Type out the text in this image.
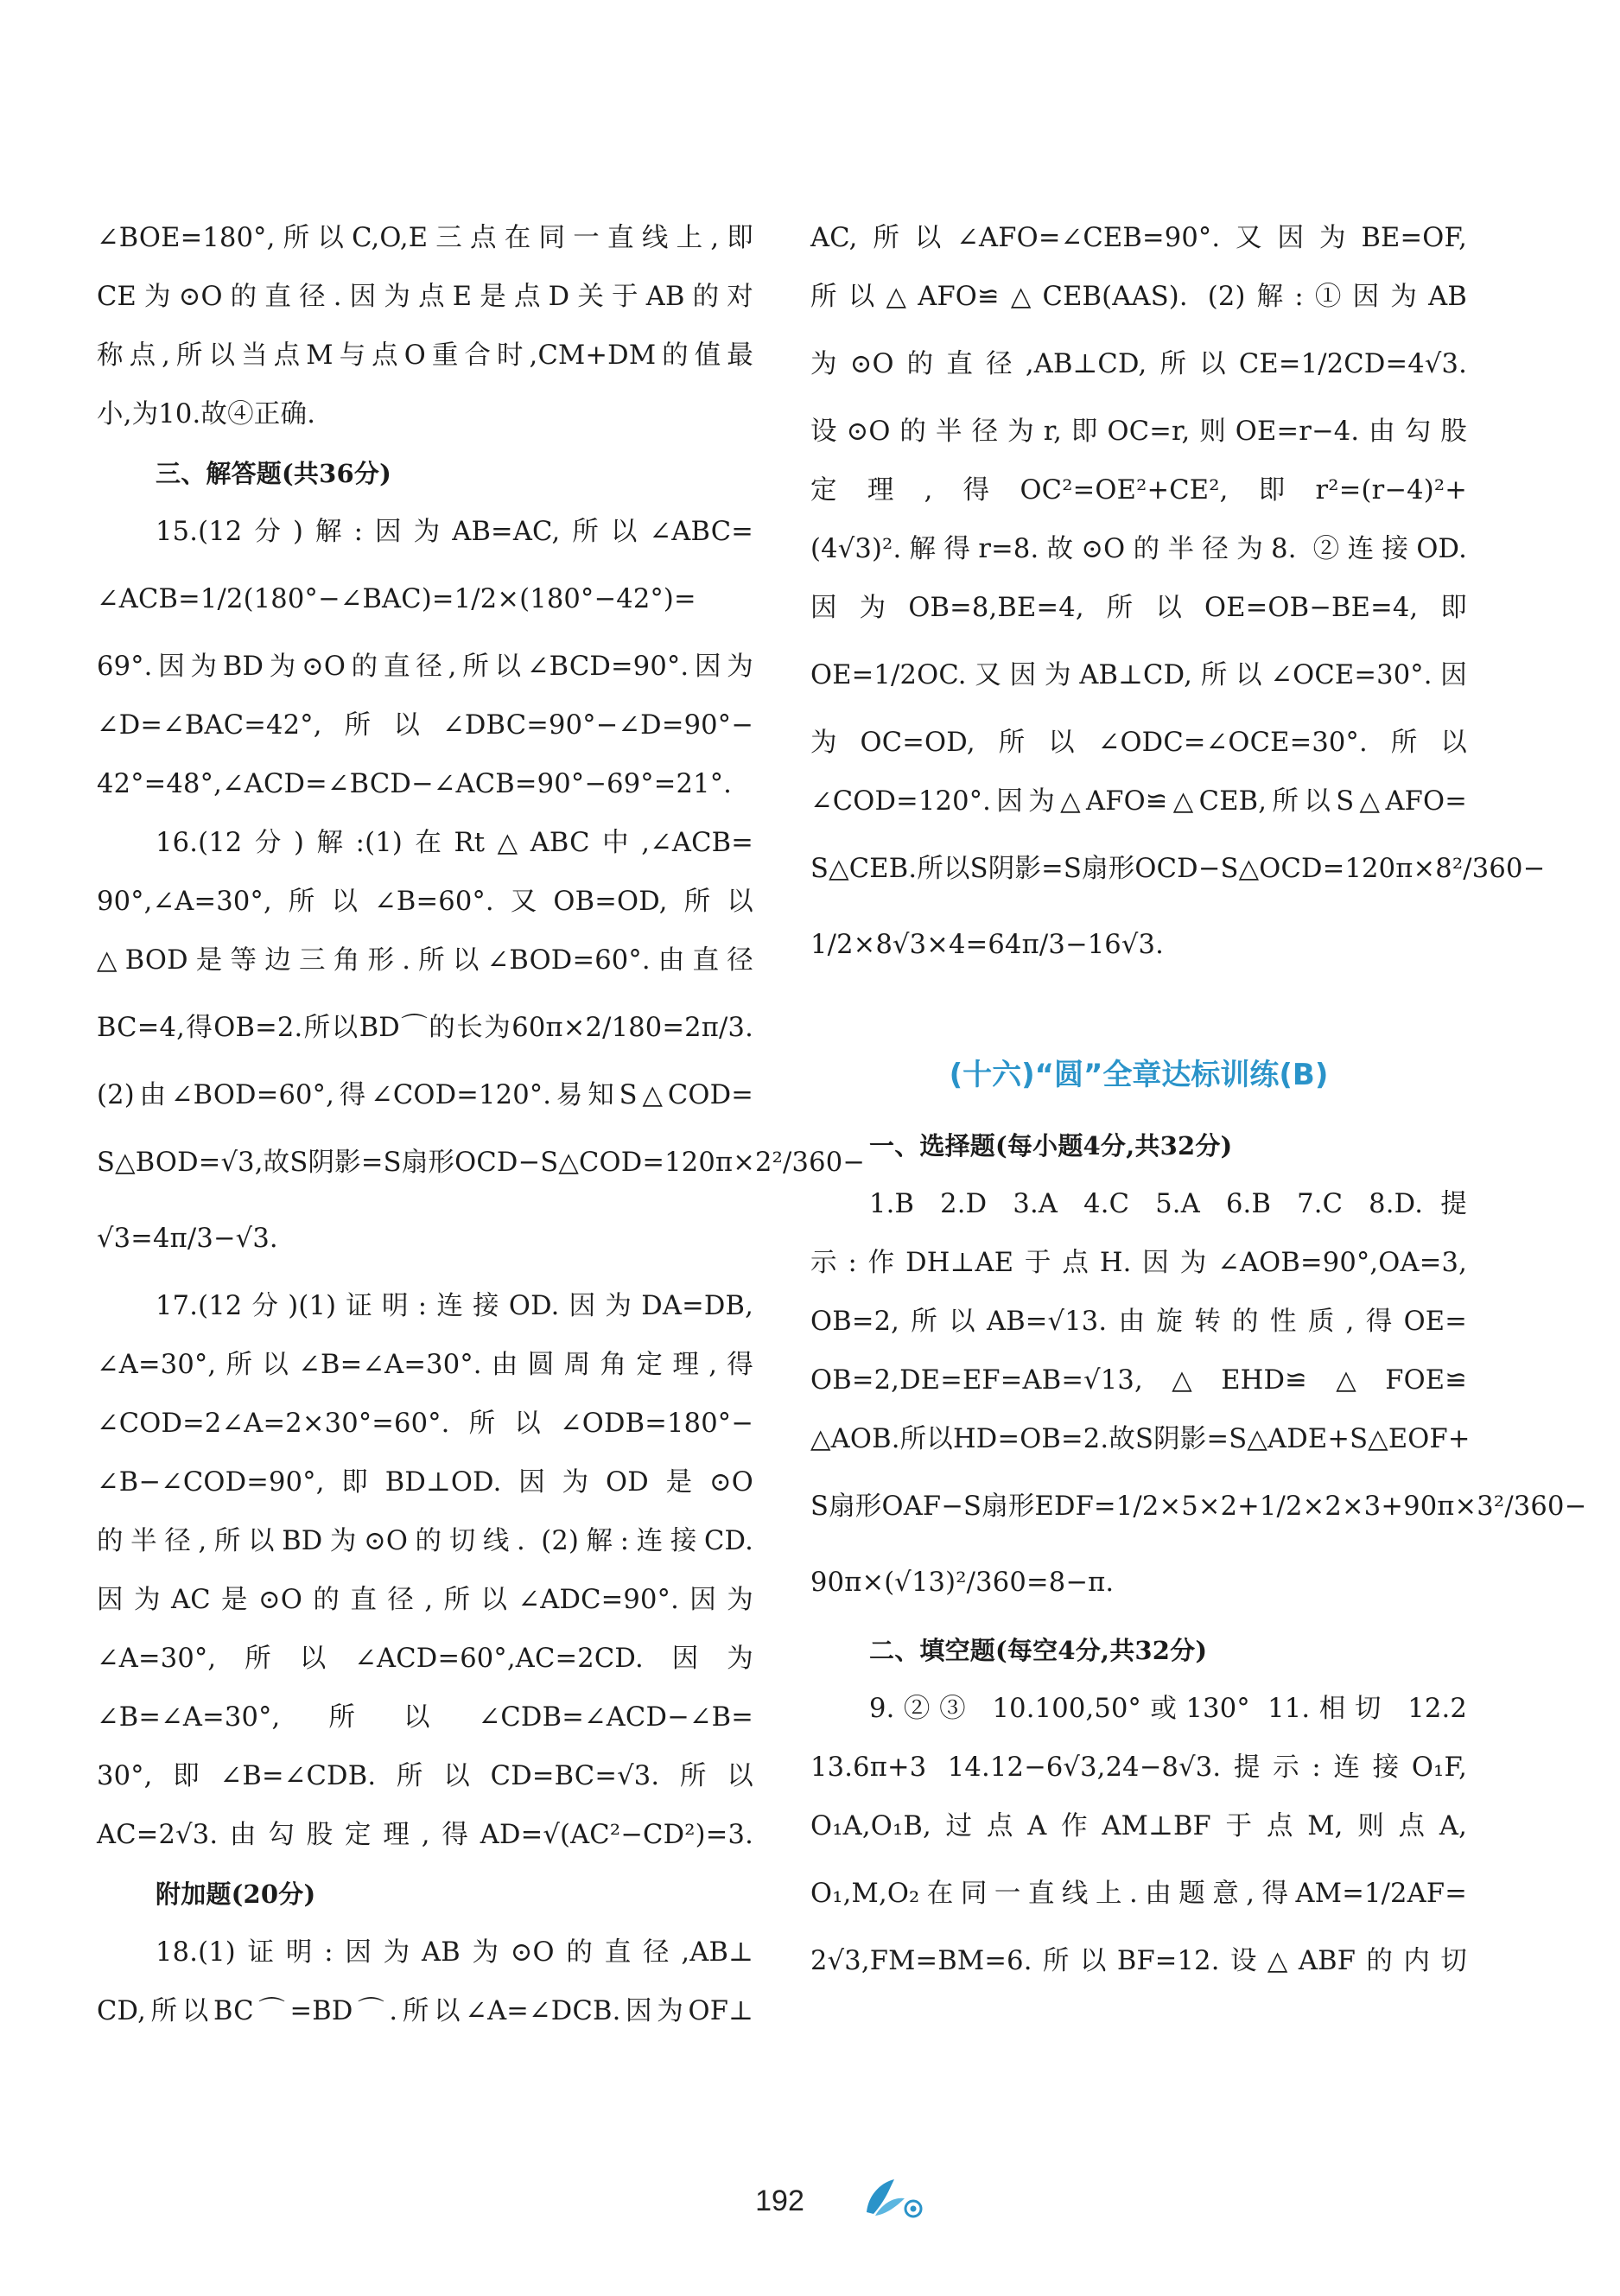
∠BOE=180°,所以C,O,E三点在同一直线上,即
CE为⊙O的直径.因为点E是点D关于AB的对
称点,所以当点M与点O重合时,CM+DM的值最
小,为10.故④正确.
三、解答题(共36分)
15.(12分)解:因为AB=AC,所以∠ABC=
∠ACB=1/2(180°−∠BAC)=1/2×(180°−42°)=
69°.因为BD为⊙O的直径,所以∠BCD=90°.因为
∠D=∠BAC=42°,所以∠DBC=90°−∠D=90°−
42°=48°,∠ACD=∠BCD−∠ACB=90°−69°=21°.
16.(12分)解:(1)在Rt△ABC中,∠ACB=
90°,∠A=30°,所以∠B=60°.又OB=OD,所以
△BOD是等边三角形.所以∠BOD=60°.由直径
BC=4,得OB=2.所以BD⌒的长为60π×2/180=2π/3.
(2)由∠BOD=60°,得∠COD=120°.易知S△COD=
S△BOD=√3,故S阴影=S扇形OCD−S△COD=120π×2²/360−
√3=4π/3−√3.
17.(12分)(1)证明:连接OD.因为DA=DB,
∠A=30°,所以∠B=∠A=30°.由圆周角定理,得
∠COD=2∠A=2×30°=60°.所以∠ODB=180°−
∠B−∠COD=90°,即BD⊥OD.因为OD是⊙O
的半径,所以BD为⊙O的切线. (2)解:连接CD.
因为AC是⊙O的直径,所以∠ADC=90°.因为
∠A=30°,所以∠ACD=60°,AC=2CD.因为
∠B=∠A=30°,所以∠CDB=∠ACD−∠B=
30°,即∠B=∠CDB.所以CD=BC=√3.所以
AC=2√3.由勾股定理,得AD=√(AC²−CD²)=3.
附加题(20分)
18.(1)证明:因为AB为⊙O的直径,AB⊥
CD,所以BC⌒=BD⌒.所以∠A=∠DCB.因为OF⊥
AC,所以∠AFO=∠CEB=90°.又因为BE=OF,
所以△AFO≌△CEB(AAS). (2)解:①因为AB
为⊙O的直径,AB⊥CD,所以CE=1/2CD=4√3.
设⊙O的半径为r,即OC=r,则OE=r−4.由勾股
定理,得OC²=OE²+CE²,即r²=(r−4)²+
(4√3)².解得r=8.故⊙O的半径为8. ②连接OD.
因为OB=8,BE=4,所以OE=OB−BE=4,即
OE=1/2OC.又因为AB⊥CD,所以∠OCE=30°.因
为OC=OD,所以∠ODC=∠OCE=30°.所以
∠COD=120°.因为△AFO≌△CEB,所以S△AFO=
S△CEB.所以S阴影=S扇形OCD−S△OCD=120π×8²/360−
1/2×8√3×4=64π/3−16√3.
(十六)“圆”全章达标训练(B)
一、选择题(每小题4分,共32分)
1.B 2.D 3.A 4.C 5.A 6.B 7.C 8.D.提
示:作DH⊥AE于点H.因为∠AOB=90°,OA=3,
OB=2,所以AB=√13.由旋转的性质,得OE=
OB=2,DE=EF=AB=√13,△EHD≌△FOE≌
△AOB.所以HD=OB=2.故S阴影=S△ADE+S△EOF+
S扇形OAF−S扇形EDF=1/2×5×2+1/2×2×3+90π×3²/360−
90π×(√13)²/360=8−π.
二、填空题(每空4分,共32分)
9.②③ 10.100,50°或130° 11.相切 12.2
13.6π+3 14.12−6√3,24−8√3.提示:连接O₁F,
O₁A,O₁B,过点A作AM⊥BF于点M,则点A,
O₁,M,O₂在同一直线上.由题意,得AM=1/2AF=
2√3,FM=BM=6.所以BF=12.设△ABF的内切
192
